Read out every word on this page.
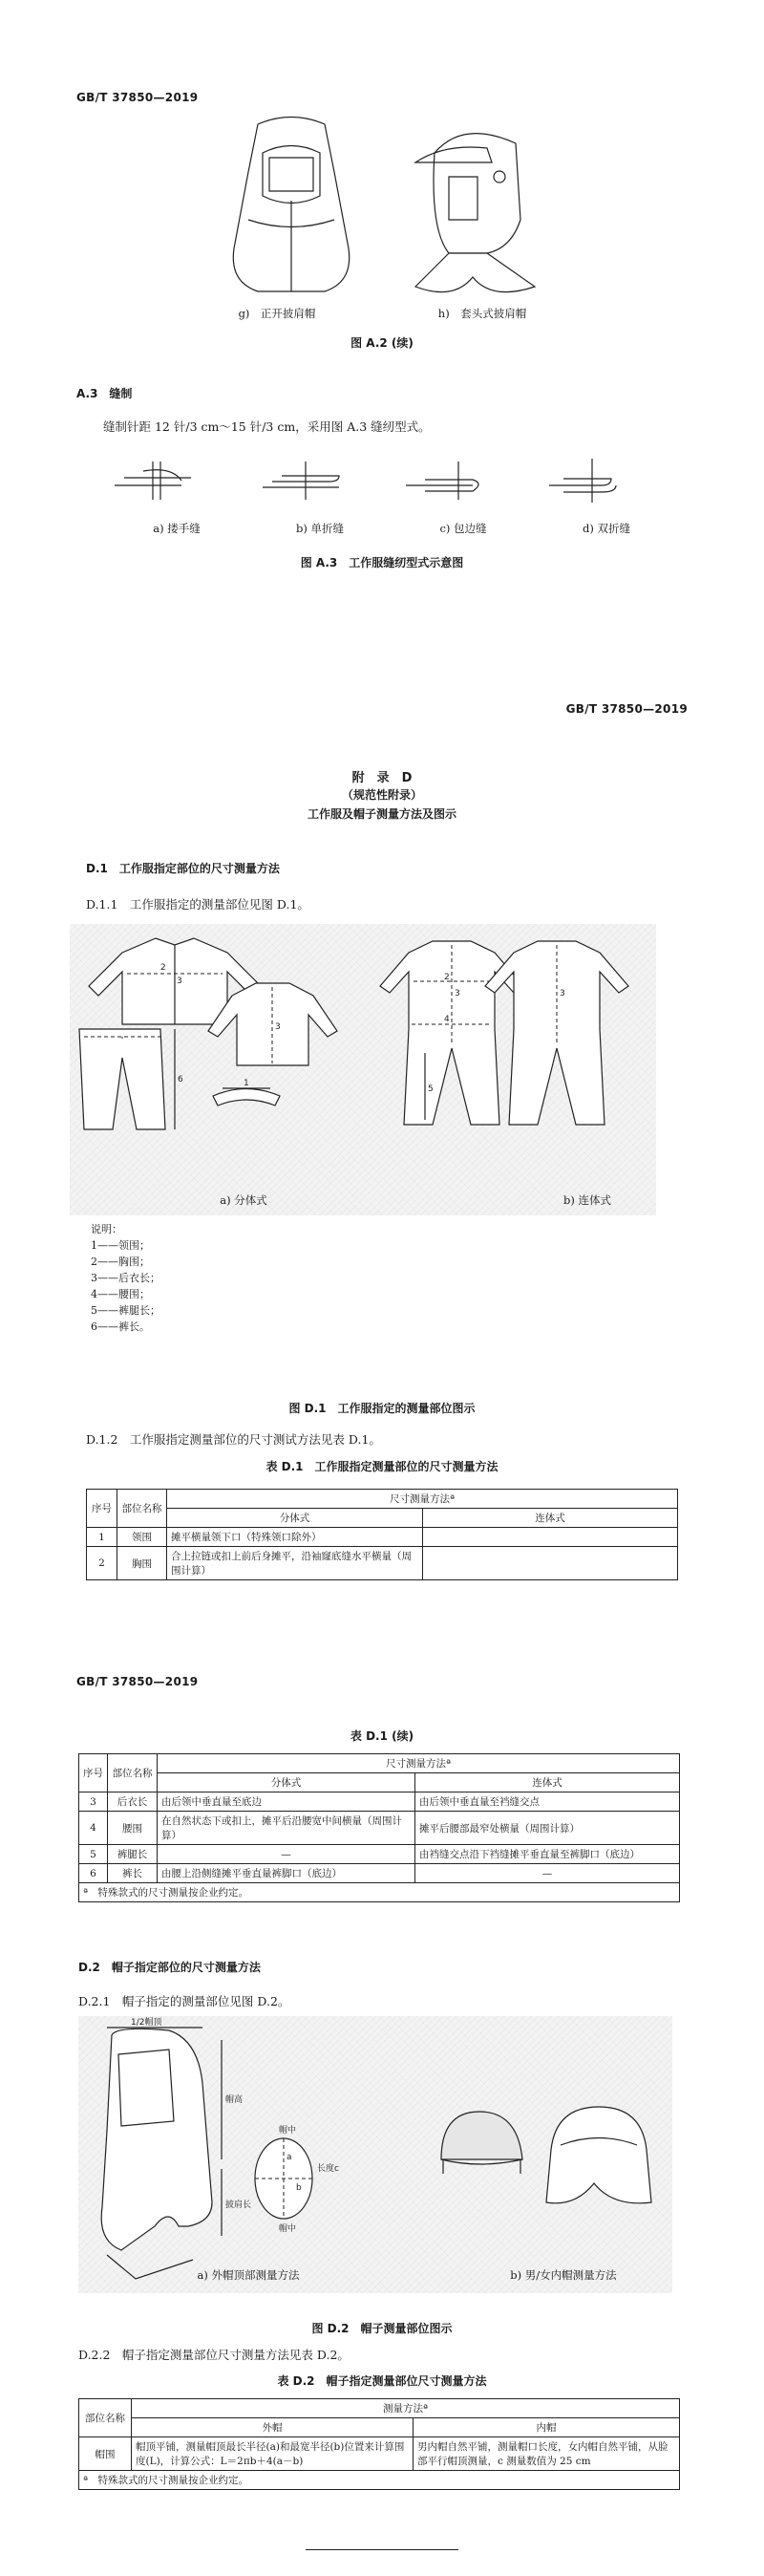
GB/T 37850—2019
g)　正开披肩帽	h)　套头式披肩帽
图 A.2 (续)
A.3　缝制
缝制针距 12 针/3 cm～15 针/3 cm，采用图 A.3 缝纫型式。
a) 搂手缝	b) 单折缝	c) 包边缝	d) 双折缝
图 A.3　工作服缝纫型式示意图
GB/T 37850—2019
附　录　D
（规范性附录）
工作服及帽子测量方法及图示
D.1　工作服指定部位的尺寸测量方法
D.1.1　工作服指定的测量部位见图 D.1。
3
2
3
6	1
3
2
5
4
3
a) 分体式	b) 连体式
说明：
1——领围；
2——胸围；
3——后衣长；
4——腰围；
5——裤腿长；
6——裤长。
图 D.1　工作服指定的测量部位图示
D.1.2　工作服指定测量部位的尺寸测试方法见表 D.1。
表 D.1　工作服指定测量部位的尺寸测量方法
序号	部位名称	尺寸测量方法ª	
		分体式	连体式
1	领围	摊平横量领下口（特殊领口除外）	
2	胸围	合上拉链或扣上前后身摊平，沿袖窿底缝水平横量（周围计算）	
GB/T 37850—2019
表 D.1 (续)
序号	部位名称	尺寸测量方法ª	
		分体式	连体式
3	后衣长	由后领中垂直量至底边	由后领中垂直量至裆缝交点
4	腰围	在自然状态下或扣上，摊平后沿腰宽中间横量（周围计算）	摊平后腰部最窄处横量（周围计算）
5	裤腿长	—	由裆缝交点沿下裆缝摊平垂直量至裤脚口（底边）
6	裤长	由腰上沿侧缝摊平垂直量裤脚口（底边）	—
ª　特殊款式的尺寸测量按企业约定。			
D.2　帽子指定部位的尺寸测量方法
D.2.1　帽子指定的测量部位见图 D.2。
1/2帽顶
帽高
披肩长
帽中
帽中
长度c
a
b
a) 外帽顶部测量方法	b) 男/女内帽测量方法
图 D.2　帽子测量部位图示
D.2.2　帽子指定测量部位尺寸测量方法见表 D.2。
表 D.2　帽子指定测量部位尺寸测量方法
部位名称	测量方法ª	
	外帽	内帽
帽围	帽顶平铺，测量帽顶最长半径(a)和最宽半径(b)位置来计算围度(L)，计算公式：L＝2πb＋4(a－b)	男内帽自然平铺，测量帽口长度，女内帽自然平铺，从脸部平行帽顶测量，c 测量数值为 25 cm
ª　特殊款式的尺寸测量按企业约定。		
